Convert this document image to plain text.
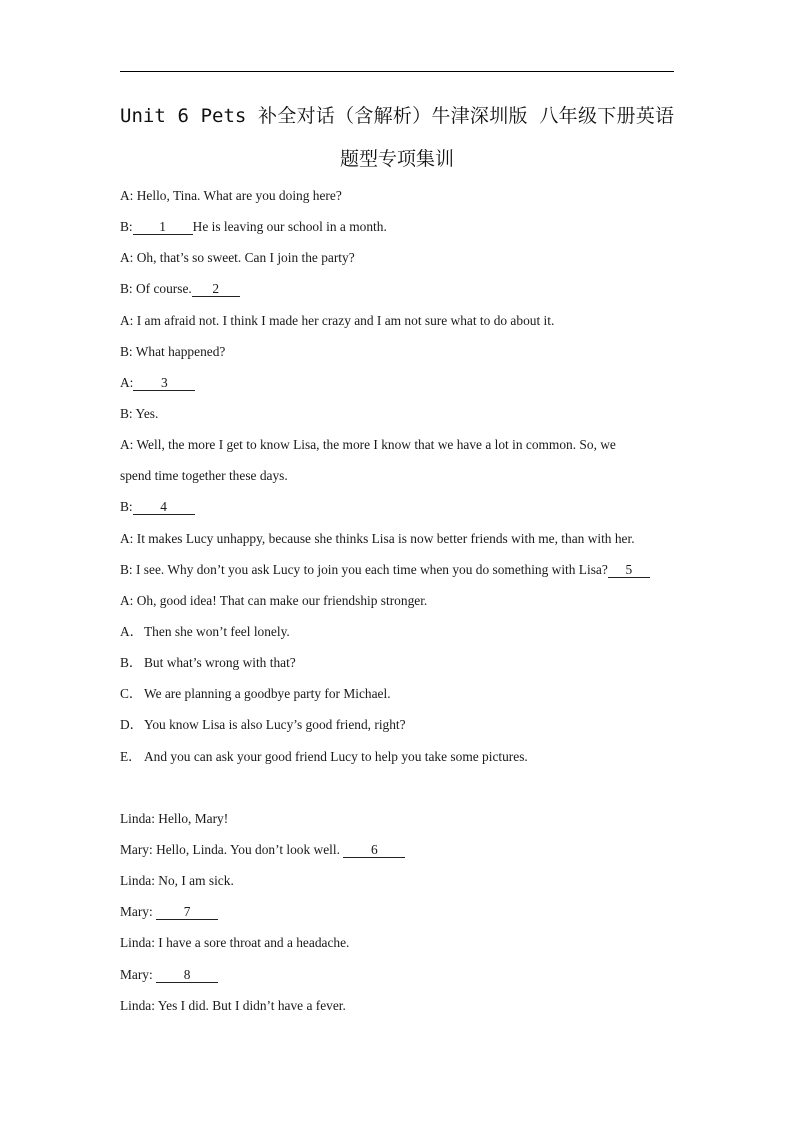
Unit 6 Pets 补全对话（含解析）牛津深圳版 八年级下册英语
题型专项集训
A: Hello, Tina. What are you doing here?
B: 1 He is leaving our school in a month.
A: Oh, that’s so sweet. Can I join the party?
B: Of course. 2
A: I am afraid not. I think I made her crazy and I am not sure what to do about it.
B: What happened?
A: 3
B: Yes.
A: Well, the more I get to know Lisa, the more I know that we have a lot in common. So, we
spend time together these days.
B: 4
A: It makes Lucy unhappy, because she thinks Lisa is now better friends with me, than with her.
B: I see. Why don’t you ask Lucy to join you each time when you do something with Lisa? 5
A: Oh, good idea! That can make our friendship stronger.
A．Then she won’t feel lonely.
B． But what’s wrong with that?
C． We are planning a goodbye party for Michael.
D．You know Lisa is also Lucy’s good friend, right?
E． And you can ask your good friend Lucy to help you take some pictures.
Linda: Hello, Mary!
Mary: Hello, Linda. You don’t look well. 6
Linda: No, I am sick.
Mary: 7
Linda: I have a sore throat and a headache.
Mary: 8
Linda: Yes I did. But I didn’t have a fever.
